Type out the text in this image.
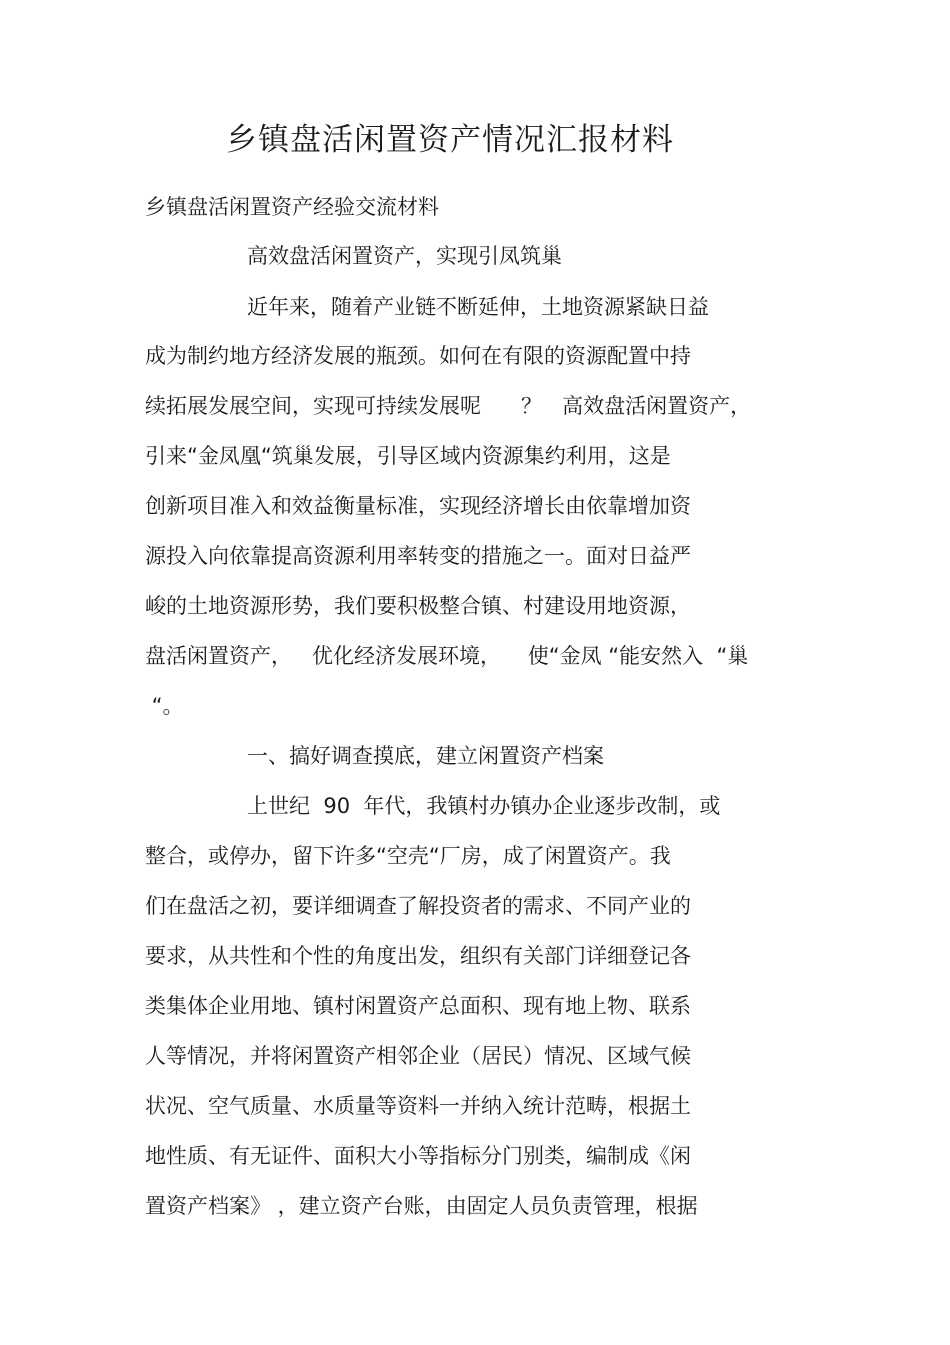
乡镇盘活闲置资产情况汇报材料
乡镇盘活闲置资产经验交流材料
高效盘活闲置资产，实现引凤筑巢
近年来，随着产业链不断延伸，土地资源紧缺日益
成为制约地方经济发展的瓶颈。如何在有限的资源配置中持
续拓展发展空间，实现可持续发展呢      ？   高效盘活闲置资产，
引来“金凤凰“筑巢发展，引导区域内资源集约利用，这是
创新项目准入和效益衡量标准，实现经济增长由依靠增加资
源投入向依靠提高资源利用率转变的措施之一。面对日益严
峻的土地资源形势，我们要积极整合镇、村建设用地资源，
盘活闲置资产，   优化经济发展环境，    使“金凤 “能安然入  “巢
“。
一、搞好调查摸底，建立闲置资产档案
上世纪  90  年代，我镇村办镇办企业逐步改制，或
整合，或停办，留下许多“空壳“厂房，成了闲置资产。我
们在盘活之初，要详细调查了解投资者的需求、不同产业的
要求，从共性和个性的角度出发，组织有关部门详细登记各
类集体企业用地、镇村闲置资产总面积、现有地上物、联系
人等情况，并将闲置资产相邻企业（居民）情况、区域气候
状况、空气质量、水质量等资料一并纳入统计范畴，根据土
地性质、有无证件、面积大小等指标分门别类，编制成《闲
置资产档案》 ，建立资产台账，由固定人员负责管理，根据
